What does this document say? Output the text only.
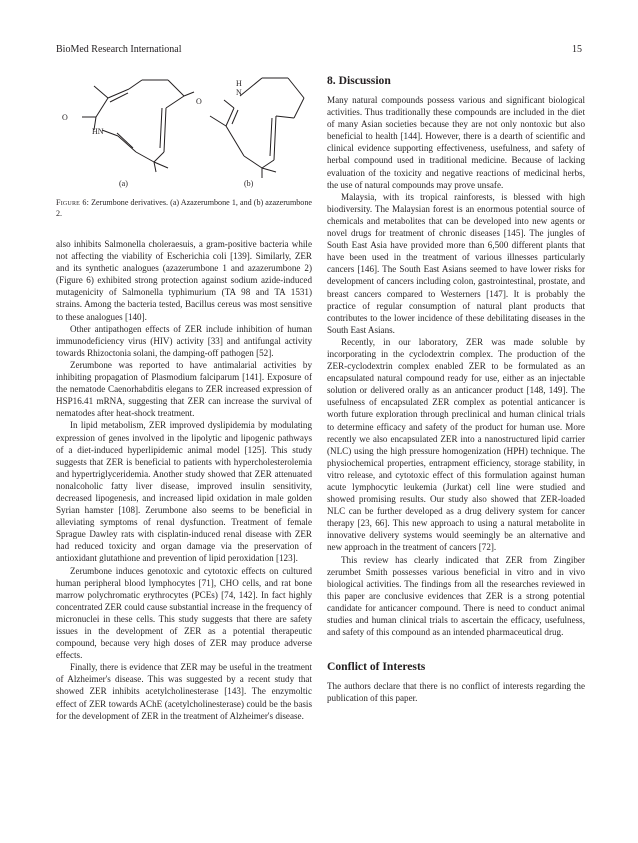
BioMed Research International	15
O
HN
H
N
O
(a)	(b)
Figure 6: Zerumbone derivatives. (a) Azazerumbone 1, and (b) azazerumbone 2.

also inhibits Salmonella choleraesuis, a gram-positive bacteria while not affecting the viability of Escherichia coli [139]. Similarly, ZER and its synthetic analogues (azazerumbone 1 and azazerumbone 2) (Figure 6) exhibited strong protection against sodium azide-induced mutagenicity of Salmonella typhimurium (TA 98 and TA 1531) strains. Among the bacteria tested, Bacillus cereus was most sensitive to these analogues [140].

Other antipathogen effects of ZER include inhibition of human immunodeficiency virus (HIV) activity [33] and antifungal activity towards Rhizoctonia solani, the damping-off pathogen [52].

Zerumbone was reported to have antimalarial activities by inhibiting propagation of Plasmodium falciparum [141]. Exposure of the nematode Caenorhabditis elegans to ZER increased expression of HSP16.41 mRNA, suggesting that ZER can increase the survival of nematodes after heat-shock treatment.

In lipid metabolism, ZER improved dyslipidemia by modulating expression of genes involved in the lipolytic and lipogenic pathways of a diet-induced hyperlipidemic animal model [125]. This study suggests that ZER is beneficial to patients with hypercholesterolemia and hypertriglyceridemia. Another study showed that ZER attenuated nonalcoholic fatty liver disease, improved insulin sensitivity, decreased lipogenesis, and increased lipid oxidation in male golden Syrian hamster [108]. Zerumbone also seems to be beneficial in alleviating symptoms of renal dysfunction. Treatment of female Sprague Dawley rats with cisplatin-induced renal disease with ZER had reduced toxicity and organ damage via the preservation of antioxidant glutathione and prevention of lipid peroxidation [123].

Zerumbone induces genotoxic and cytotoxic effects on cultured human peripheral blood lymphocytes [71], CHO cells, and rat bone marrow polychromatic erythrocytes (PCEs) [74, 142]. In fact highly concentrated ZER could cause substantial increase in the frequency of micronuclei in these cells. This study suggests that there are safety issues in the development of ZER as a potential therapeutic compound, because very high doses of ZER may produce adverse effects.

Finally, there is evidence that ZER may be useful in the treatment of Alzheimer's disease. This was suggested by a recent study that showed ZER inhibits acetylcholinesterase [143]. The enzymoltic effect of ZER towards AChE (acetylcholinesterase) could be the basis for the development of ZER in the treatment of Alzheimer's disease.

8. Discussion

Many natural compounds possess various and significant biological activities. Thus traditionally these compounds are included in the diet of many Asian societies because they are not only nontoxic but also beneficial to health [144]. However, there is a dearth of scientific and clinical evidence supporting effectiveness, usefulness, and safety of herbal compound used in traditional medicine. Because of lacking evaluation of the toxicity and negative reactions of medicinal herbs, the use of natural compounds may prove unsafe.

Malaysia, with its tropical rainforests, is blessed with high biodiversity. The Malaysian forest is an enormous potential source of chemicals and metabolites that can be developed into new agents or novel drugs for treatment of chronic diseases [145]. The jungles of South East Asia have provided more than 6,500 different plants that have been used in the treatment of various illnesses particularly cancers [146]. The South East Asians seemed to have lower risks for development of cancers including colon, gastrointestinal, prostate, and breast cancers compared to Westerners [147]. It is probably the practice of regular consumption of natural plant products that contributes to the lower incidence of these debilitating diseases in the South East Asians.

Recently, in our laboratory, ZER was made soluble by incorporating in the cyclodextrin complex. The production of the ZER-cyclodextrin complex enabled ZER to be formulated as an encapsulated natural compound ready for use, either as an injectable solution or delivered orally as an anticancer product [148, 149]. The usefulness of encapsulated ZER complex as potential anticancer is worth future exploration through preclinical and human clinical trials to determine efficacy and safety of the product for human use. More recently we also encapsulated ZER into a nanostructured lipid carrier (NLC) using the high pressure homogenization (HPH) technique. The physiochemical properties, entrapment efficiency, storage stability, in vitro release, and cytotoxic effect of this formulation against human acute lymphocytic leukemia (Jurkat) cell line were studied and showed promising results. Our study also showed that ZER-loaded NLC can be further developed as a drug delivery system for cancer therapy [23, 66]. This new approach to using a natural metabolite in innovative delivery systems would seemingly be an alternative and new approach in the treatment of cancers [72].

This review has clearly indicated that ZER from Zingiber zerumbet Smith possesses various beneficial in vitro and in vivo biological activities. The findings from all the researches reviewed in this paper are conclusive evidences that ZER is a strong potential candidate for anticancer compound. There is need to conduct animal studies and human clinical trials to ascertain the efficacy, usefulness, and safety of this compound as an intended pharmaceutical drug.

Conflict of Interests

The authors declare that there is no conflict of interests regarding the publication of this paper.
